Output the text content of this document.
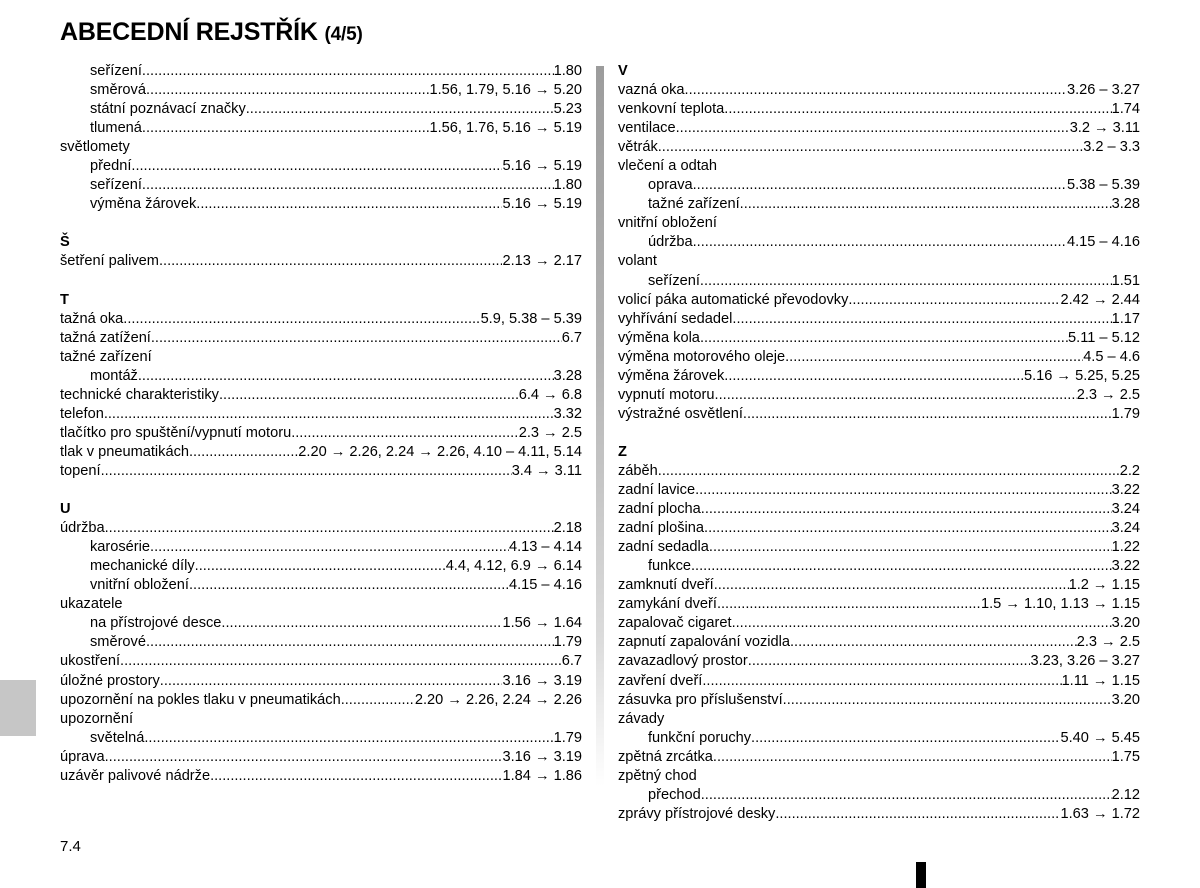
ABECEDNÍ REJSTŘÍK (4/5)
seřízení .....	1.80
směrová .....	1.56, 1.79, 5.16 → 5.20
státní poznávací značky .....	5.23
tlumená .....	1.56, 1.76, 5.16 → 5.19
světlomety
přední .....	5.16 → 5.19
seřízení .....	1.80
výměna žárovek .....	5.16 → 5.19
Š
šetření palivem .....	2.13 → 2.17
T
tažná oka .....	5.9, 5.38 – 5.39
tažná zatížení .....	6.7
tažné zařízení
montáž .....	3.28
technické charakteristiky .....	6.4 → 6.8
telefon .....	3.32
tlačítko pro spuštění/vypnutí motoru .....	2.3 → 2.5
tlak v pneumatikách .....	2.20 → 2.26, 2.24 → 2.26, 4.10 – 4.11, 5.14
topení .....	3.4 → 3.11
U
údržba .....	2.18
karosérie .....	4.13 – 4.14
mechanické díly .....	4.4, 4.12, 6.9 → 6.14
vnitřní obložení .....	4.15 – 4.16
ukazatele
na přístrojové desce .....	1.56 → 1.64
směrové .....	1.79
ukostření .....	6.7
úložné prostory .....	3.16 → 3.19
upozornění na pokles tlaku v pneumatikách .....	2.20 → 2.26, 2.24 → 2.26
upozornění
světelná .....	1.79
úprava .....	3.16 → 3.19
uzávěr palivové nádrže .....	1.84 → 1.86
V
vazná oka .....	3.26 – 3.27
venkovní teplota .....	1.74
ventilace .....	3.2 → 3.11
větrák .....	3.2 – 3.3
vlečení a odtah
oprava .....	5.38 – 5.39
tažné zařízení .....	3.28
vnitřní obložení
údržba .....	4.15 – 4.16
volant
seřízení .....	1.51
volicí páka automatické převodovky .....	2.42 → 2.44
vyhřívání sedadel .....	1.17
výměna kola .....	5.11 – 5.12
výměna motorového oleje .....	4.5 – 4.6
výměna žárovek .....	5.16 → 5.25, 5.25
vypnutí motoru .....	2.3 → 2.5
výstražné osvětlení .....	1.79
Z
záběh .....	2.2
zadní lavice .....	3.22
zadní plocha .....	3.24
zadní plošina .....	3.24
zadní sedadla .....	1.22
funkce .....	3.22
zamknutí dveří .....	1.2 → 1.15
zamykání dveří .....	1.5 → 1.10, 1.13 → 1.15
zapalovač cigaret .....	3.20
zapnutí zapalování vozidla .....	2.3 → 2.5
zavazadlový prostor .....	3.23, 3.26 – 3.27
zavření dveří .....	1.11 → 1.15
zásuvka pro příslušenství .....	3.20
závady
funkční poruchy .....	5.40 → 5.45
zpětná zrcátka .....	1.75
zpětný chod
přechod .....	2.12
zprávy přístrojové desky .....	1.63 → 1.72
7.4
